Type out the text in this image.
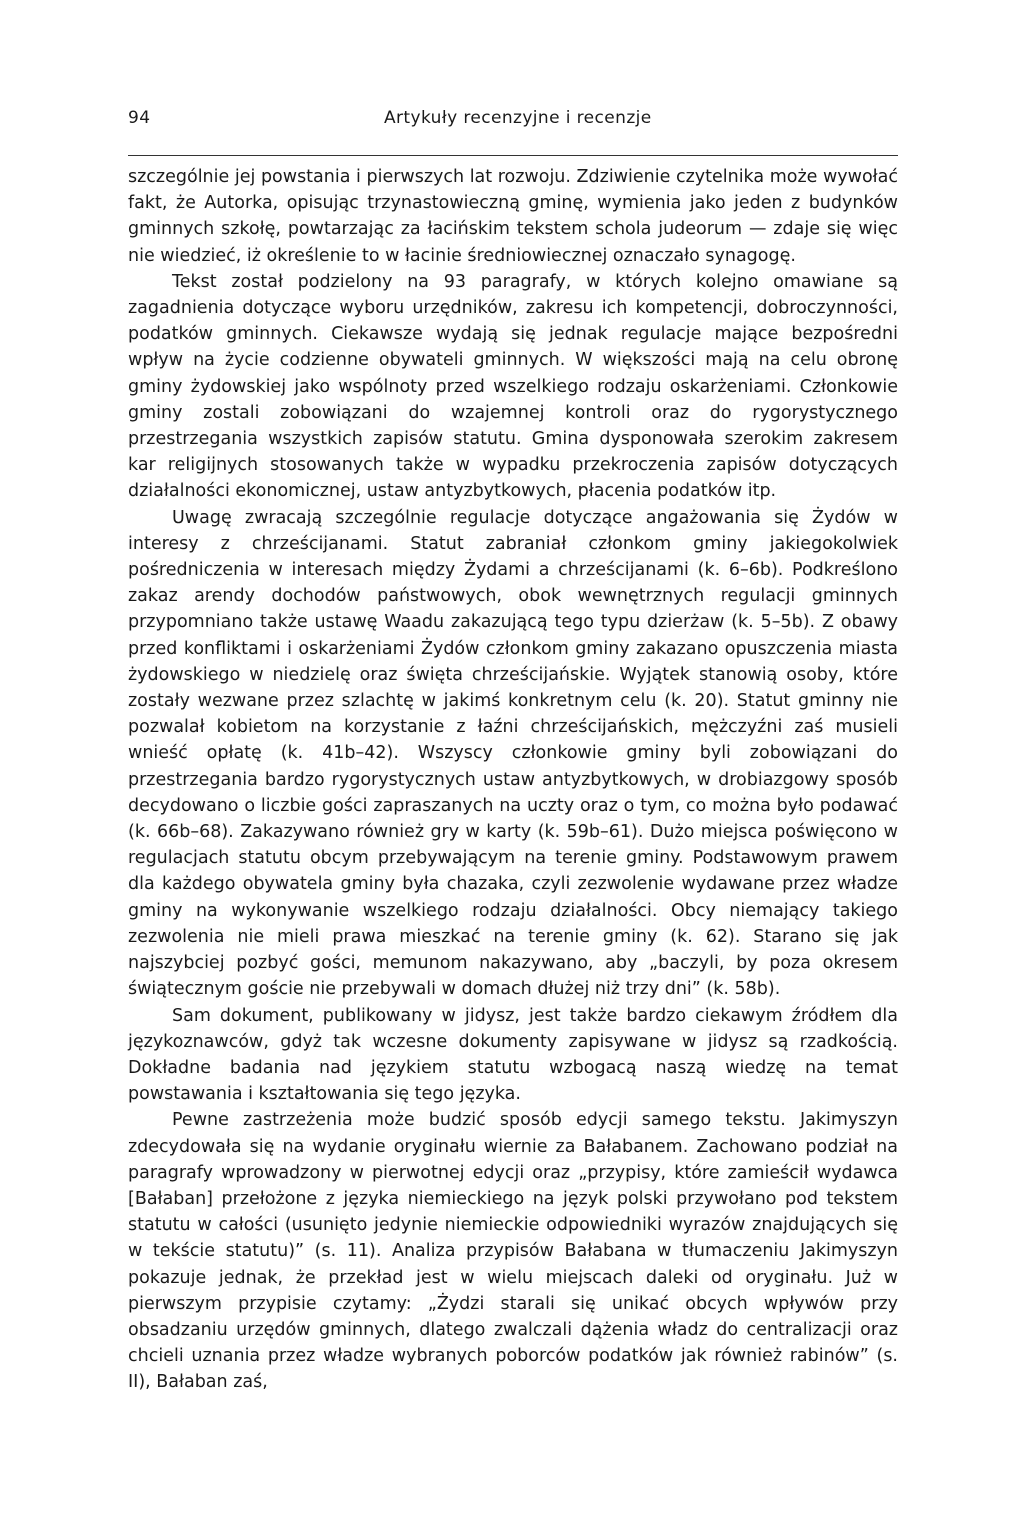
94	Artykuły recenzyjne i recenzje

szczególnie jej powstania i pierwszych lat rozwoju. Zdziwienie czytelnika może wywołać fakt, że Autorka, opisując trzynastowieczną gminę, wymienia jako jeden z budynków gminnych szkołę, powtarzając za łacińskim tekstem schola judeorum — zdaje się więc nie wiedzieć, iż określenie to w łacinie średniowiecznej oznaczało synagogę.

Tekst został podzielony na 93 paragrafy, w których kolejno omawiane są zagadnienia dotyczące wyboru urzędników, zakresu ich kompetencji, dobroczynności, podatków gminnych. Ciekawsze wydają się jednak regulacje mające bezpośredni wpływ na życie codzienne obywateli gminnych. W większości mają na celu obronę gminy żydowskiej jako wspólnoty przed wszelkiego rodzaju oskarżeniami. Członkowie gminy zostali zobowiązani do wzajemnej kontroli oraz do rygorystycznego przestrzegania wszystkich zapisów statutu. Gmina dysponowała szerokim zakresem kar religijnych stosowanych także w wypadku przekroczenia zapisów dotyczących działalności ekonomicznej, ustaw antyzbytkowych, płacenia podatków itp.

Uwagę zwracają szczególnie regulacje dotyczące angażowania się Żydów w interesy z chrześcijanami. Statut zabraniał członkom gminy jakiegokolwiek pośredniczenia w interesach między Żydami a chrześcijanami (k. 6–6b). Podkreślono zakaz arendy dochodów państwowych, obok wewnętrznych regulacji gminnych przypomniano także ustawę Waadu zakazującą tego typu dzierżaw (k. 5–5b). Z obawy przed konfliktami i oskarżeniami Żydów członkom gminy zakazano opuszczenia miasta żydowskiego w niedzielę oraz święta chrześcijańskie. Wyjątek stanowią osoby, które zostały wezwane przez szlachtę w jakimś konkretnym celu (k. 20). Statut gminny nie pozwalał kobietom na korzystanie z łaźni chrześcijańskich, mężczyźni zaś musieli wnieść opłatę (k. 41b–42). Wszyscy członkowie gminy byli zobowiązani do przestrzegania bardzo rygorystycznych ustaw antyzbytkowych, w drobiazgowy sposób decydowano o liczbie gości zapraszanych na uczty oraz o tym, co można było podawać (k. 66b–68). Zakazywano również gry w karty (k. 59b–61). Dużo miejsca poświęcono w regulacjach statutu obcym przebywającym na terenie gminy. Podstawowym prawem dla każdego obywatela gminy była chazaka, czyli zezwolenie wydawane przez władze gminy na wykonywanie wszelkiego rodzaju działalności. Obcy niemający takiego zezwolenia nie mieli prawa mieszkać na terenie gminy (k. 62). Starano się jak najszybciej pozbyć gości, memunom nakazywano, aby „baczyli, by poza okresem świątecznym goście nie przebywali w domach dłużej niż trzy dni” (k. 58b).

Sam dokument, publikowany w jidysz, jest także bardzo ciekawym źródłem dla językoznawców, gdyż tak wczesne dokumenty zapisywane w jidysz są rzadkością. Dokładne badania nad językiem statutu wzbogacą naszą wiedzę na temat powstawania i kształtowania się tego języka.

Pewne zastrzeżenia może budzić sposób edycji samego tekstu. Jakimyszyn zdecydowała się na wydanie oryginału wiernie za Bałabanem. Zachowano podział na paragrafy wprowadzony w pierwotnej edycji oraz „przypisy, które zamieścił wydawca [Bałaban] przełożone z języka niemieckiego na język polski przywołano pod tekstem statutu w całości (usunięto jedynie niemieckie odpowiedniki wyrazów znajdujących się w tekście statutu)” (s. 11). Analiza przypisów Bałabana w tłumaczeniu Jakimyszyn pokazuje jednak, że przekład jest w wielu miejscach daleki od oryginału. Już w pierwszym przypisie czytamy: „Żydzi starali się unikać obcych wpływów przy obsadzaniu urzędów gminnych, dlatego zwalczali dążenia władz do centralizacji oraz chcieli uznania przez władze wybranych poborców podatków jak również rabinów” (s. II), Bałaban zaś,
